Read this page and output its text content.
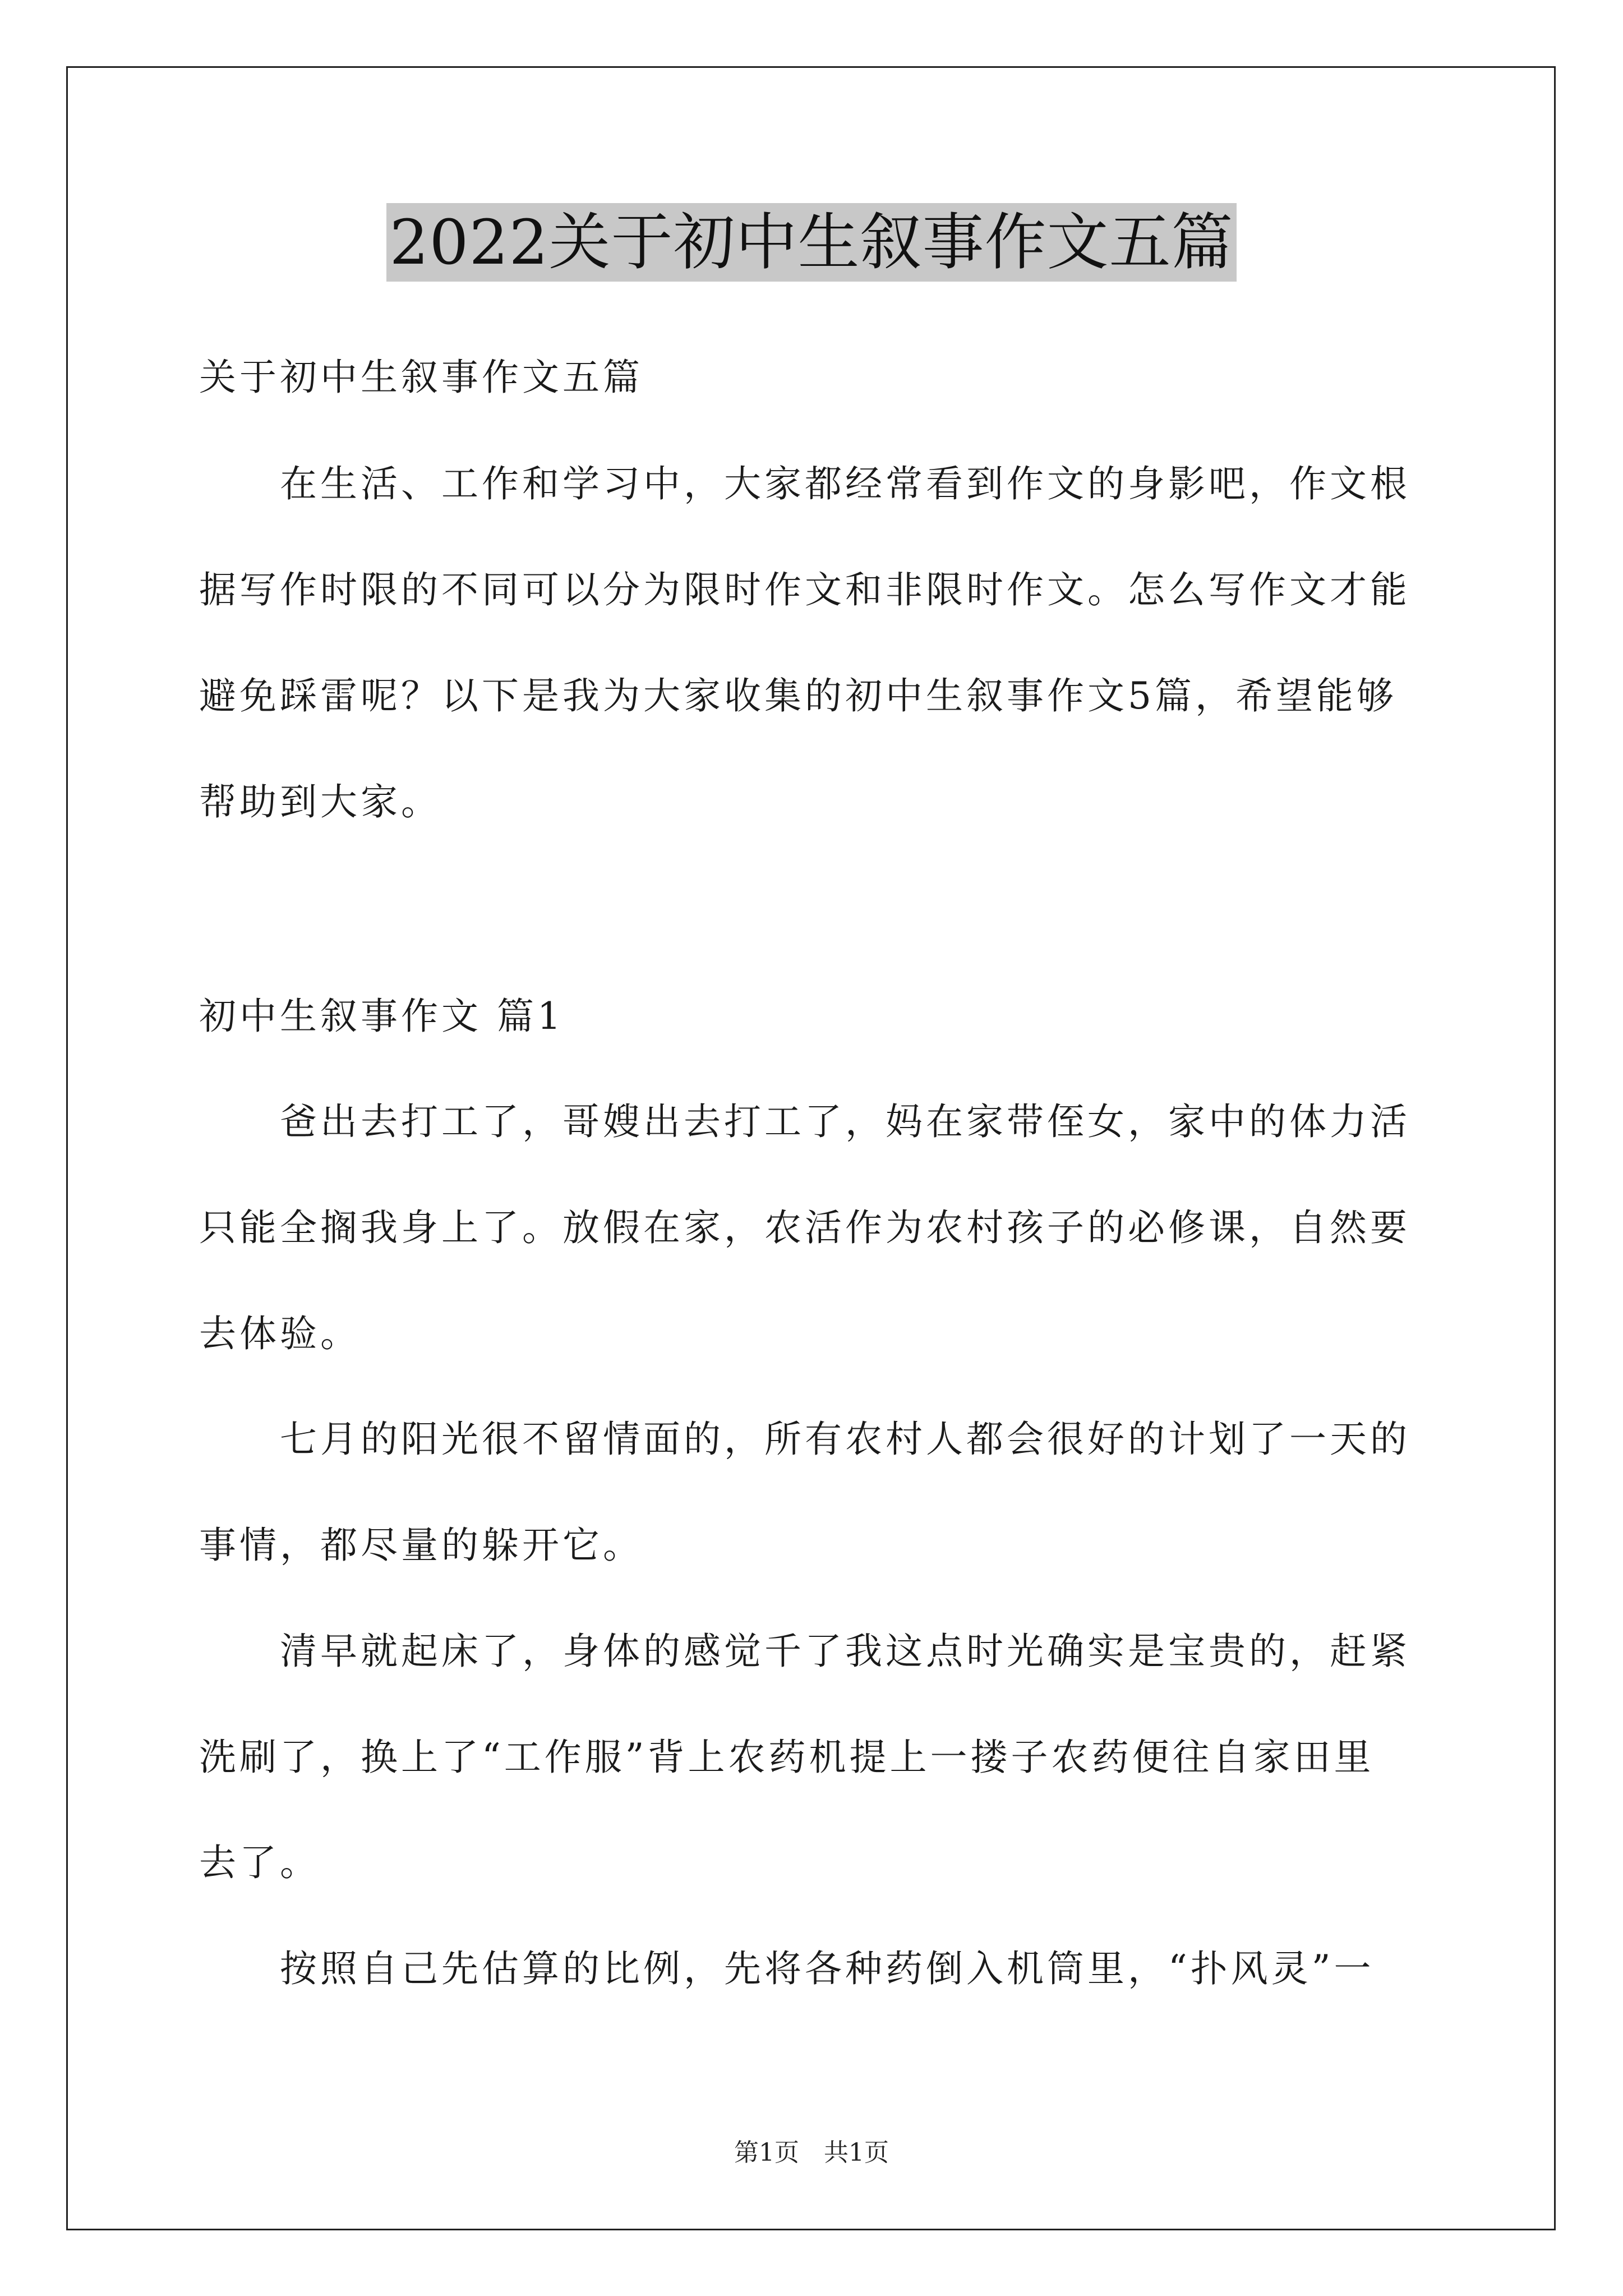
2022关于初中生叙事作文五篇

关于初中生叙事作文五篇

　　在生活、工作和学习中，大家都经常看到作文的身影吧，作文根

据写作时限的不同可以分为限时作文和非限时作文。怎么写作文才能

避免踩雷呢？以下是我为大家收集的初中生叙事作文5篇，希望能够

帮助到大家。

初中生叙事作文 篇1

　　爸出去打工了，哥嫂出去打工了，妈在家带侄女，家中的体力活

只能全搁我身上了。放假在家，农活作为农村孩子的必修课，自然要

去体验。

　　七月的阳光很不留情面的，所有农村人都会很好的计划了一天的

事情，都尽量的躲开它。

　　清早就起床了，身体的感觉千了我这点时光确实是宝贵的，赶紧

洗刷了，换上了“工作服”背上农药机提上一搂子农药便往自家田里

去了。

　　按照自己先估算的比例，先将各种药倒入机筒里，“扑风灵”一

第1页　共1页
